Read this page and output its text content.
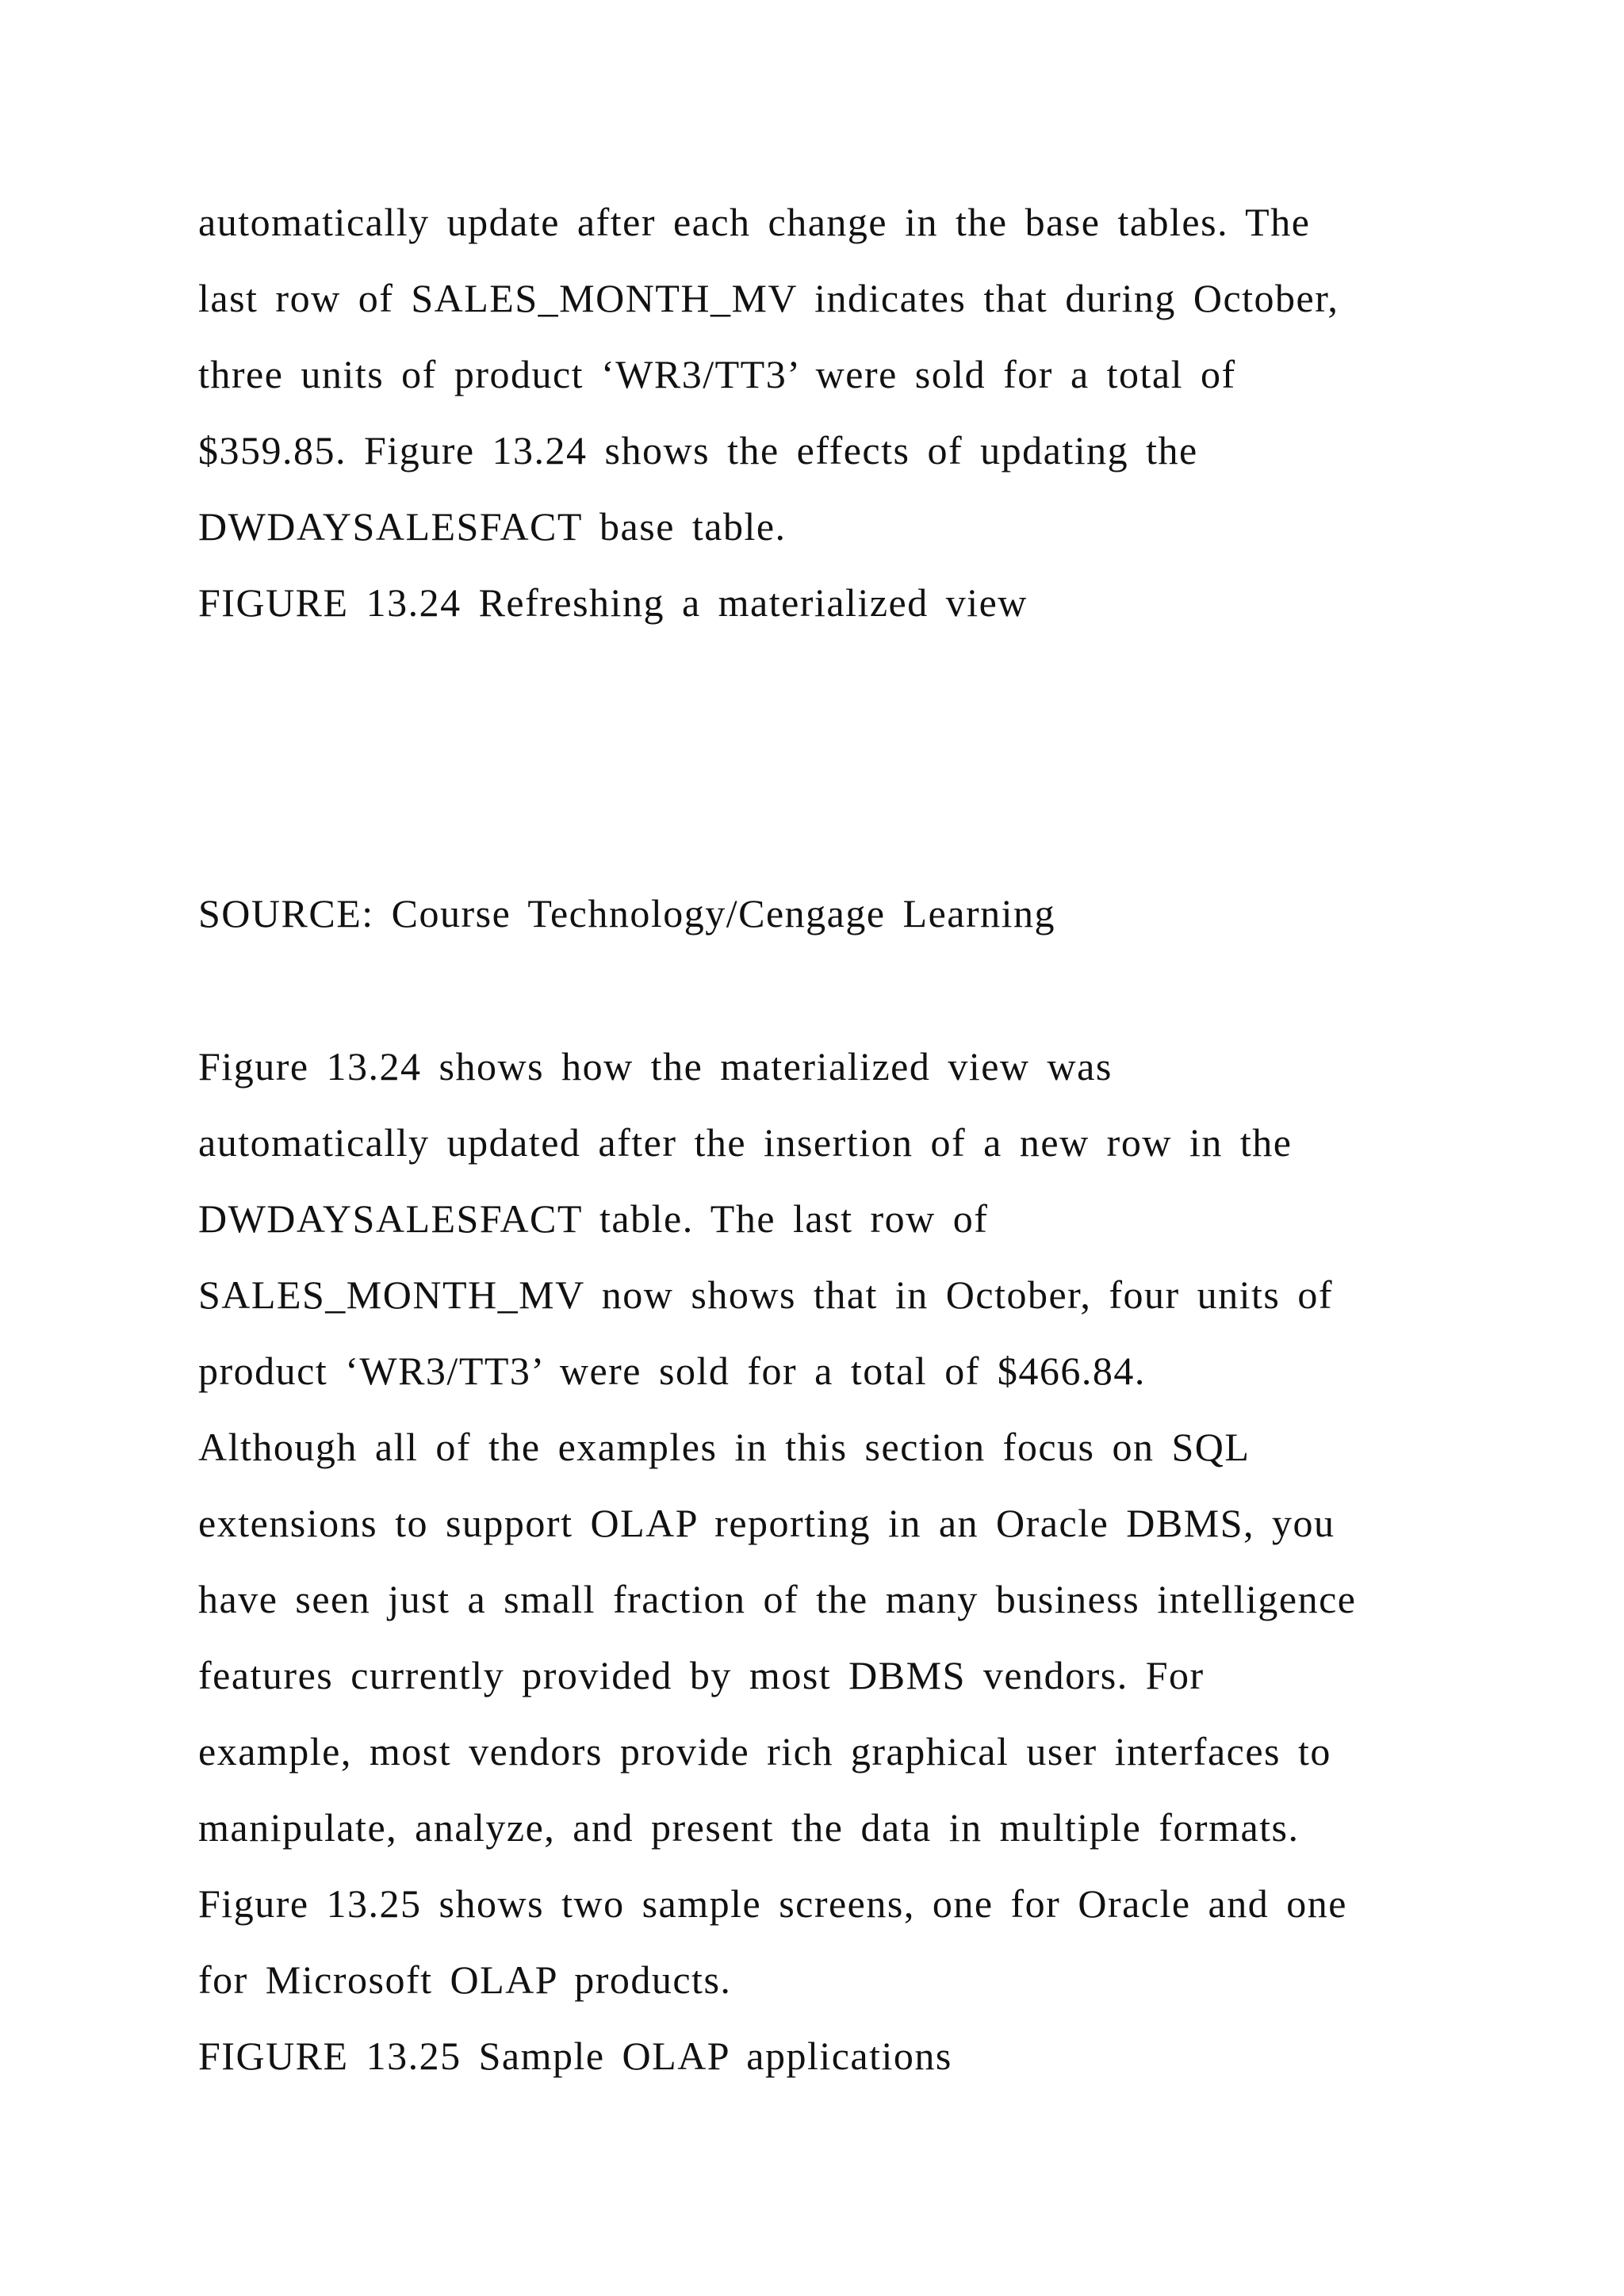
automatically update after each change in the base tables. The

last row of SALES_MONTH_MV indicates that during October,

three units of product ‘WR3/TT3’ were sold for a total of

$359.85. Figure 13.24 shows the effects of updating the

DWDAYSALESFACT base table.

FIGURE 13.24 Refreshing a materialized view

SOURCE: Course Technology/Cengage Learning

Figure 13.24 shows how the materialized view was

automatically updated after the insertion of a new row in the

DWDAYSALESFACT table. The last row of

SALES_MONTH_MV now shows that in October, four units of

product ‘WR3/TT3’ were sold for a total of $466.84.

Although all of the examples in this section focus on SQL

extensions to support OLAP reporting in an Oracle DBMS, you

have seen just a small fraction of the many business intelligence

features currently provided by most DBMS vendors. For

example, most vendors provide rich graphical user interfaces to

manipulate, analyze, and present the data in multiple formats.

Figure 13.25 shows two sample screens, one for Oracle and one

for Microsoft OLAP products.

FIGURE 13.25 Sample OLAP applications
